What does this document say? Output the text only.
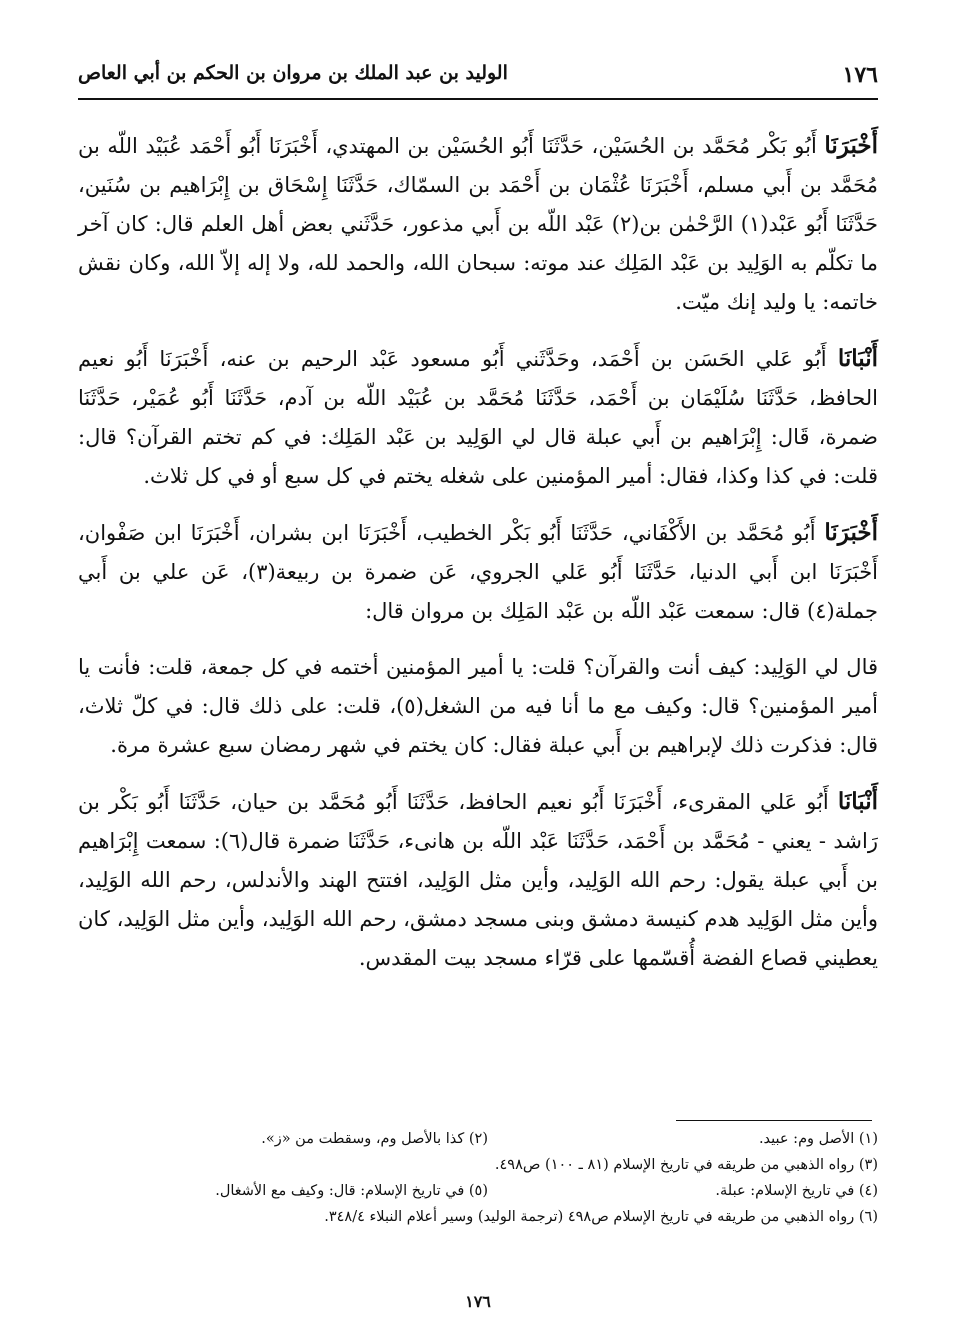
١٧٦
الوليد بن عبد الملك بن مروان بن الحكم بن أبي العاص

أَخْبَرَنَا أَبُو بَكْر مُحَمَّد بن الحُسَيْن، حَدَّثَنَا أَبُو الحُسَيْن بن المهتدي، أَخْبَرَنَا أَبُو أَحْمَد عُبَيْد اللّه بن مُحَمَّد بن أَبي مسلم، أَخْبَرَنَا عُثْمَان بن أَحْمَد بن السمّاك، حَدَّثَنَا إِسْحَاق بن إِبْرَاهيم بن سُنَين، حَدَّثَنَا أَبُو عَبْد(١) الرَّحْمٰن بن(٢) عَبْد اللّه بن أَبي مذعور، حَدَّثَني بعض أهل العلم قال: كان آخر ما تكلّم به الوَلِيد بن عَبْد المَلِك عند موته: سبحان الله، والحمد لله، ولا إله إلاّ الله، وكان نقش خاتمه: يا وليد إنك ميّت.

أَنْبَانَا أَبُو عَلي الحَسَن بن أَحْمَد، وحَدَّثَني أَبُو مسعود عَبْد الرحيم بن عنه، أَخْبَرَنَا أَبُو نعيم الحافظ، حَدَّثَنَا سُلَيْمَان بن أَحْمَد، حَدَّثَنَا مُحَمَّد بن عُبَيْد اللّه بن آدم، حَدَّثَنَا أَبُو عُمَيْر، حَدَّثَنَا ضمرة، قَال: إِبْرَاهيم بن أَبي عبلة قال لي الوَلِيد بن عَبْد المَلِك: في كم تختم القرآن؟ قال: قلت: في كذا وكذا، فقال: أمير المؤمنين على شغله يختم في كل سبع أو في كل ثلاث.

أَخْبَرَنَا أَبُو مُحَمَّد بن الأَكْفَاني، حَدَّثَنَا أَبُو بَكْر الخطيب، أَخْبَرَنَا ابن بشران، أَخْبَرَنَا ابن صَفْوان، أَخْبَرَنَا ابن أَبي الدنيا، حَدَّثَنَا أَبُو عَلي الجروي، عَن ضمرة بن ربيعة(٣)، عَن علي بن أَبي جملة(٤) قال: سمعت عَبْد اللّه بن عَبْد المَلِك بن مروان قال:

قال لي الوَلِيد: كيف أنت والقرآن؟ قلت: يا أمير المؤمنين أختمه في كل جمعة، قلت: فأنت يا أمير المؤمنين؟ قال: وكيف مع ما أنا فيه من الشغل(٥)، قلت: على ذلك قال: في كلّ ثلاث، قال: فذكرت ذلك لإبراهيم بن أَبي عبلة فقال: كان يختم في شهر رمضان سبع عشرة مرة.

أَنْبَانَا أَبُو عَلي المقرىء، أَخْبَرَنَا أَبُو نعيم الحافظ، حَدَّثَنَا أَبُو مُحَمَّد بن حيان، حَدَّثَنَا أَبُو بَكْر بن رَاشد - يعني - مُحَمَّد بن أَحْمَد، حَدَّثَنَا عَبْد اللّه بن هانىء، حَدَّثَنَا ضمرة قال(٦): سمعت إِبْرَاهيم بن أَبي عبلة يقول: رحم الله الوَلِيد، وأين مثل الوَلِيد، افتتح الهند والأندلس، رحم الله الوَلِيد، وأين مثل الوَلِيد هدم كنيسة دمشق وبنى مسجد دمشق، رحم الله الوَلِيد، وأين مثل الوَلِيد، كان يعطيني قصاع الفضة أُقسّمها على قرّاء مسجد بيت المقدس.

(١) الأصل وم: عبيد.(٢) كذا بالأصل وم، وسقطت من «ز».
(٣) رواه الذهبي من طريقه في تاريخ الإسلام (٨١ ـ ١٠٠) ص٤٩٨.
(٤) في تاريخ الإسلام: عبلة.(٥) في تاريخ الإسلام: قال: وكيف مع الأشغال.
(٦) رواه الذهبي من طريقه في تاريخ الإسلام ص٤٩٨ (ترجمة الوليد) وسير أعلام النبلاء ٣٤٨/٤.
١٧٦
